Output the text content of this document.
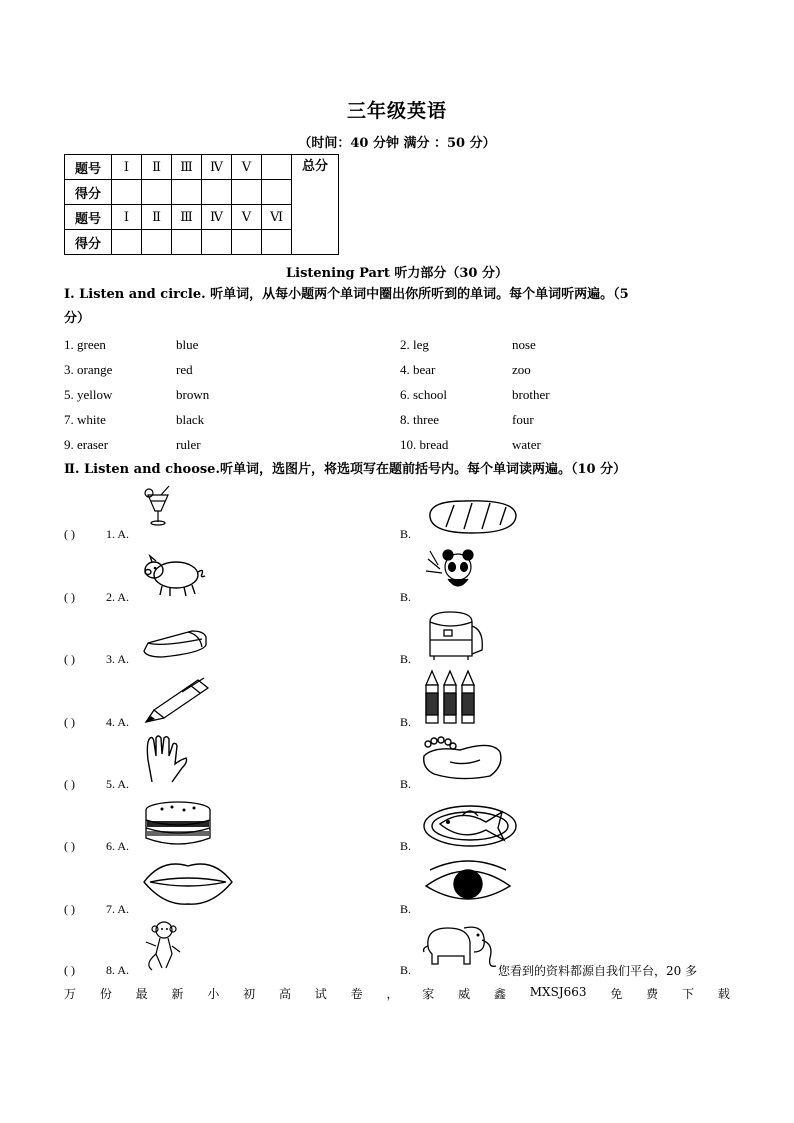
三年级英语
（时间：40 分钟 满分 ：50 分）
题号	Ⅰ	Ⅱ	Ⅲ	Ⅳ	Ⅴ		总分
得分							
题号	Ⅰ	Ⅱ	Ⅲ	Ⅳ	Ⅴ	Ⅵ	
得分							
Listening Part 听力部分（30 分）
Ⅰ. Listen and circle. 听单词，从每小题两个单词中圈出你所听到的单词。每个单词听两遍。（5
分）
1. green	blue	2. leg	nose
3. orange	red	4. bear	zoo
5. yellow	brown	6. school	brother
7. white	black	8. three	four
9. eraser	ruler	10. bread	water
Ⅱ. Listen and choose.听单词，选图片，将选项写在题前括号内。每个单词读两遍。（10 分）
( )	1. A.	B.
( )	2. A.	B.
( )	3. A.	B.
( )	4. A.	B.
( )	5. A.	B.
( )	6. A.	B.
( )	7. A.	B.
( )	8. A.	B.	您看到的资料都源自我们平台，20 多
万 份 最 新 小 初 高 试 卷 ， 家 威 鑫 MXSJ663 免 费 下 载
